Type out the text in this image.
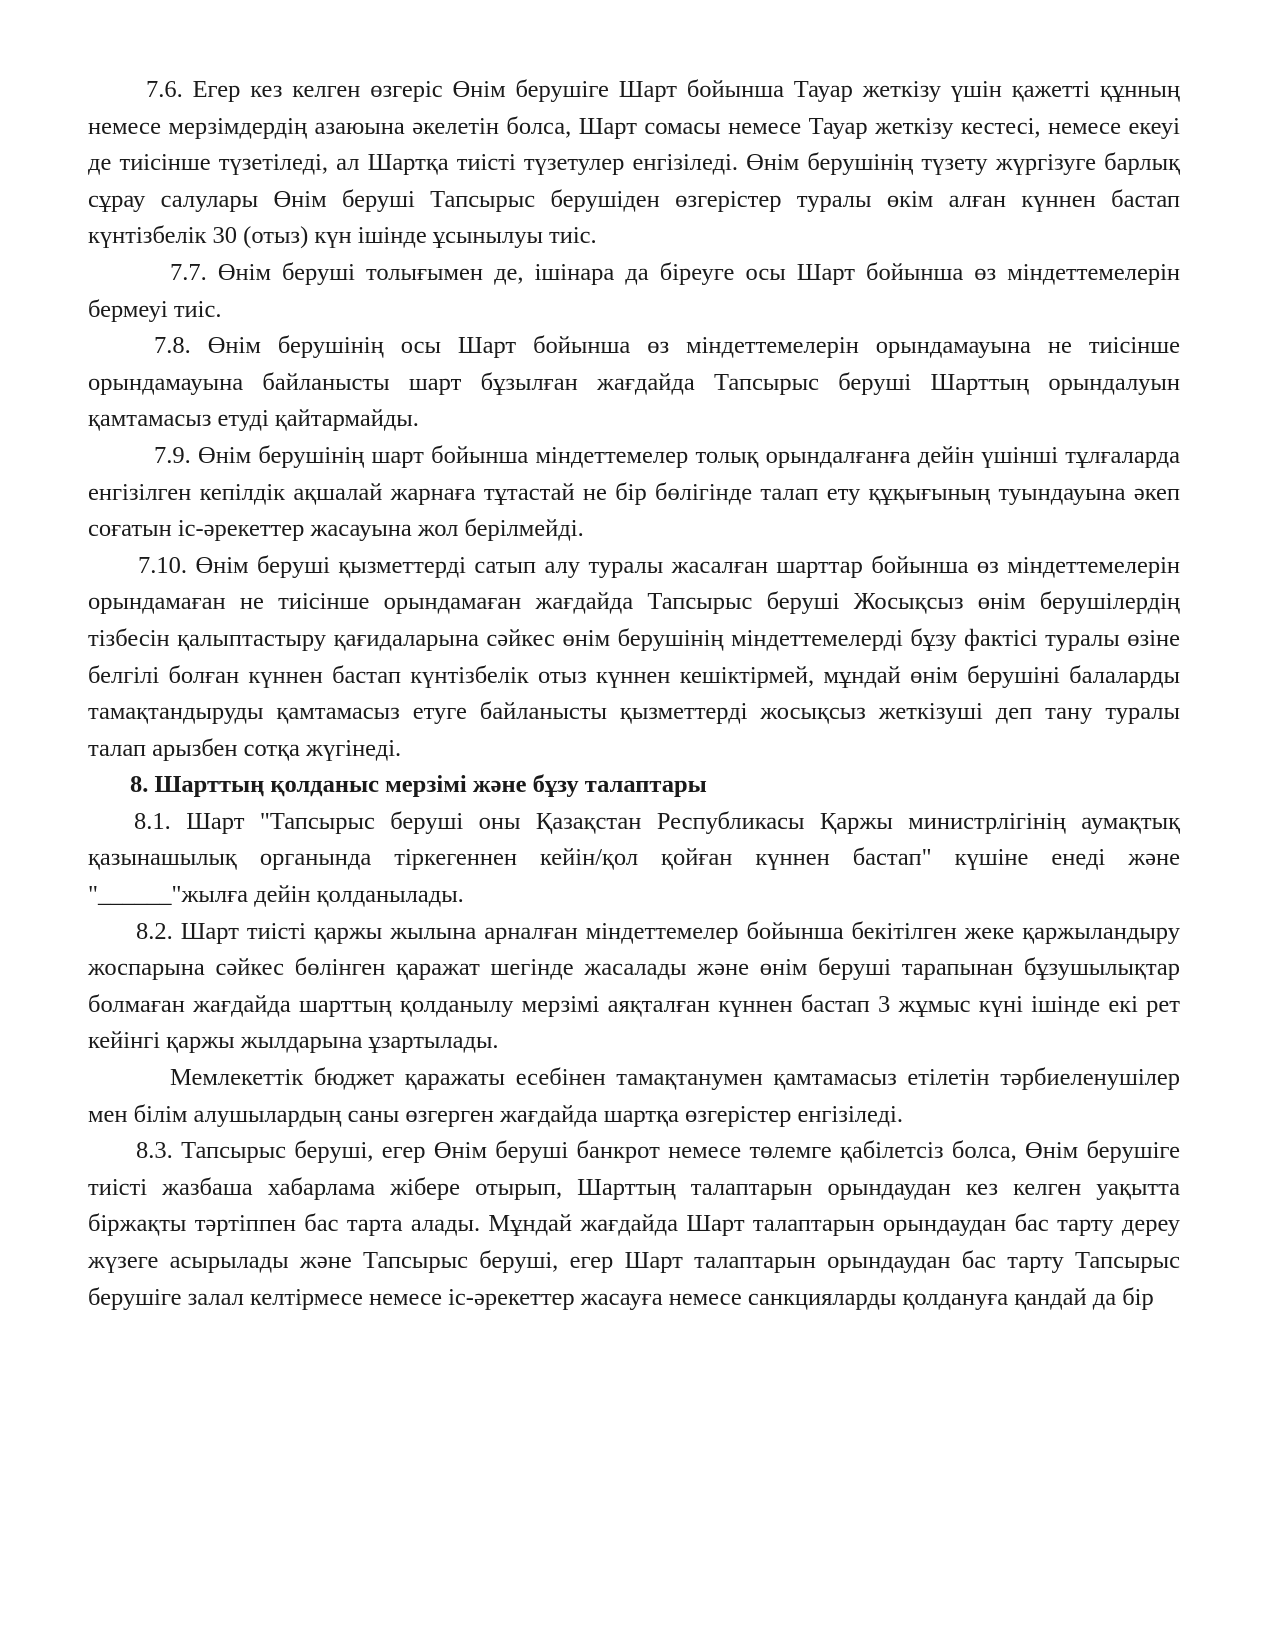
7.6. Егер кез келген өзгеріс Өнім берушіге Шарт бойынша Тауар жеткізу үшін қажетті құнның немесе мерзімдердің азаюына әкелетін болса, Шарт сомасы немесе Тауар жеткізу кестесі, немесе екеуі де тиісінше түзетіледі, ал Шартқа тиісті түзетулер енгізіледі. Өнім берушінің түзету жүргізуге барлық сұрау салулары Өнім беруші Тапсырыс берушіден өзгерістер туралы өкім алған күннен бастап күнтізбелік 30 (отыз) күн ішінде ұсынылуы тиіс.

7.7. Өнім беруші толығымен де, ішінара да біреуге осы Шарт бойынша өз міндеттемелерін бермеуі тиіс.

7.8. Өнім берушінің осы Шарт бойынша өз міндеттемелерін орындамауына не тиісінше орындамауына байланысты шарт бұзылған жағдайда Тапсырыс беруші Шарттың орындалуын қамтамасыз етуді қайтармайды.

7.9. Өнім берушінің шарт бойынша міндеттемелер толық орындалғанға дейін үшінші тұлғаларда енгізілген кепілдік ақшалай жарнаға тұтастай не бір бөлігінде талап ету құқығының туындауына әкеп соғатын іс-әрекеттер жасауына жол берілмейді.

7.10. Өнім беруші қызметтерді сатып алу туралы жасалған шарттар бойынша өз міндеттемелерін орындамаған не тиісінше орындамаған жағдайда Тапсырыс беруші Жосықсыз өнім берушілердің тізбесін қалыптастыру қағидаларына сәйкес өнім берушінің міндеттемелерді бұзу фактісі туралы өзіне белгілі болған күннен бастап күнтізбелік отыз күннен кешіктірмей, мұндай өнім берушіні балаларды тамақтандыруды қамтамасыз етуге байланысты қызметтерді жосықсыз жеткізуші деп тану туралы талап арызбен сотқа жүгінеді.

8. Шарттың қолданыс мерзімі және бұзу талаптары

8.1. Шарт "Тапсырыс беруші оны Қазақстан Республикасы Қаржы министрлігінің аумақтық қазынашылық органында тіркегеннен кейін/қол қойған күннен бастап" күшіне енеді және "______"жылға дейін қолданылады.

8.2. Шарт тиісті қаржы жылына арналған міндеттемелер бойынша бекітілген жеке қаржыландыру жоспарына сәйкес бөлінген қаражат шегінде жасалады және өнім беруші тарапынан бұзушылықтар болмаған жағдайда шарттың қолданылу мерзімі аяқталған күннен бастап 3 жұмыс күні ішінде екі рет кейінгі қаржы жылдарына ұзартылады.

Мемлекеттік бюджет қаражаты есебінен тамақтанумен қамтамасыз етілетін тәрбиеленушілер мен білім алушылардың саны өзгерген жағдайда шартқа өзгерістер енгізіледі.

8.3. Тапсырыс беруші, егер Өнім беруші банкрот немесе төлемге қабілетсіз болса, Өнім берушіге тиісті жазбаша хабарлама жібере отырып, Шарттың талаптарын орындаудан кез келген уақытта біржақты тәртіппен бас тарта алады. Мұндай жағдайда Шарт талаптарын орындаудан бас тарту дереу жүзеге асырылады және Тапсырыс беруші, егер Шарт талаптарын орындаудан бас тарту Тапсырыс берушіге залал келтірмесе немесе іс-әрекеттер жасауға немесе санкцияларды қолдануға қандай да бір
